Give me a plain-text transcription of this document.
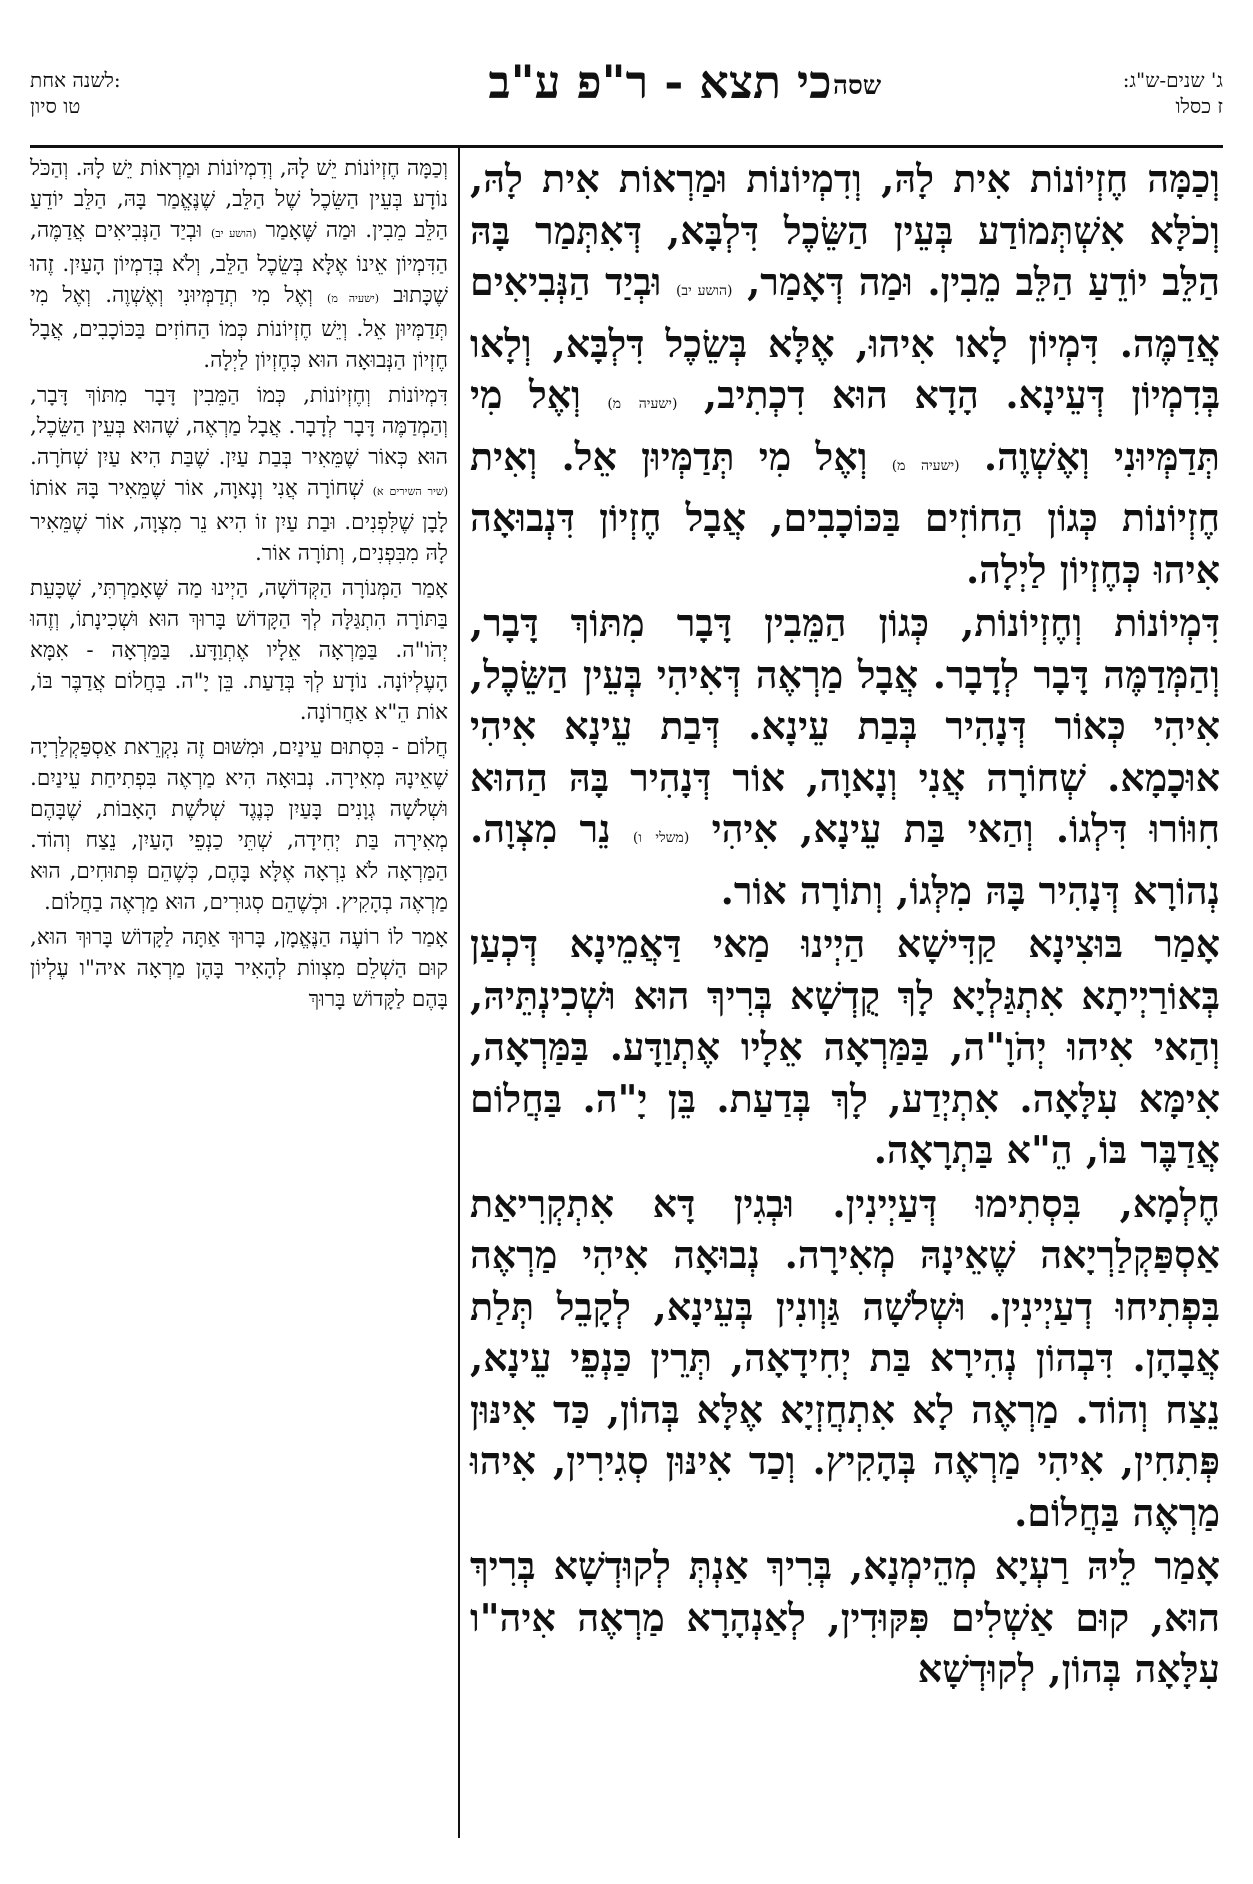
לשנה אחת:
טו סיון	כי תצא - ר"פ ע"ב	ג' שנים-ש"ג:
ז כסלו
שסה

וְכַמָּה חֶזְיוֹנוֹת אִית לָהּ, וְדִמְיוֹנוֹת וּמַרְאוֹת אִית לָהּ, וְכֹלָּא אִשְׁתְּמוֹדַע בְּעֵין הַשֵּׂכֶל דִּלְבָּא, דְּאִתְּמַר בָּהּ הַלֵּב יוֹדֵעַ הַלֵּב מֵבִין. וּמַה דְּאָמַר, (הושע יב) וּבְיַד הַנְּבִיאִים אֲדַמֶּה. דִּמְיוֹן לָאו אִיהוּ, אֶלָּא בְּשֵׂכֶל דִּלְבָּא, וְלָאו בְּדִמְיוֹן דְּעֵינָא. הָדָא הוּא דִכְתִיב, (ישעיה מ) וְאֶל מִי תְּדַמְּיוּנִי וְאֶשְׁוֶה. (ישעיה מ) וְאֶל מִי תְּדַמְּיוּן אֵל. וְאִית חֶזְיוֹנוֹת כְּגוֹן הַחוֹזִים בַּכּוֹכָבִים, אֲבָל חֶזְיוֹן דִּנְבוּאָה אִיהוּ כְּחֶזְיוֹן לַיְלָה.

דִּמְיוֹנוֹת וְחֶזְיוֹנוֹת, כְּגוֹן הַמֵּבִין דָּבָר מִתּוֹךְ דָּבָר, וְהַמְּדַמֶּה דָּבָר לְדָבָר. אֲבָל מַרְאֶה דְּאִיהִי בְּעֵין הַשֵּׂכֶל, אִיהִי כְּאוֹר דְּנָהִיר בְּבַת עֵינָא. דְּבַת עֵינָא אִיהִי אוּכָמָא. שְׁחוֹרָה אֲנִי וְנָאוָה, אוֹר דְּנָהִיר בָּהּ הַהוּא חִוּוֹרוּ דִּלְגוֹ. וְהַאי בַּת עֵינָא, אִיהִי (משלי ו) נֵר מִצְוָה. נְהוֹרָא דְּנָהִיר בָּהּ מִלְּגוֹ, וְתוֹרָה אוֹר.

אָמַר בּוּצִינָא קַדִּישָׁא הַיְינוּ מַאי דַּאֲמֵינָא דְּכְעַן בְּאוֹרַיְיתָא אִתְגַּלְיָא לָךְ קֻדְשָׁא בְּרִיךְ הוּא וּשְׁכִינְתֵּיהּ, וְהַאי אִיהוּ יְהֹוָ"ה, בַּמַּרְאָה אֵלָיו אֶתְוַדָּע. בַּמַּרְאָה, אִימָּא עִלָּאָה. אִתְיְדַע, לָךְ בְּדַעַת. בֵּן יָ"ה. בַּחֲלוֹם אֲדַבֶּר בּוֹ, הֵ"א בַּתְרָאָה.

חֶלְמָא, בִּסְתִימוּ דְּעַיְינִין. וּבְגִין דָּא אִתְקְרִיאַת אַסְפַּקְלַרְיָאה שֶׁאֵינָהּ מְאִירָה. נְבוּאָה אִיהִי מַרְאֶה בִּפְתִיחוּ דְעַיְינִין. וּשְׁלֹשָׁה גַּוְונִין בְּעֵינָא, לְקָבֵל תְּלַת אֲבָהָן. דִּבְהוֹן נְהִירָא בַּת יְחִידָאָה, תְּרֵין כַּנְפֵי עֵינָא, נֵצַח וְהוֹד. מַרְאֶה לָא אִתְחֲזְיָא אֶלָּא בְּהוֹן, כַּד אִינּוּן פְּתִחִין, אִיהִי מַרְאֶה בְּהָקִיץ. וְכַד אִינּוּן סְגִירִין, אִיהוּ מַרְאֶה בַּחֲלוֹם.

אָמַר לֵיהּ רַעְיָא מְהֵימְנָא, בְּרִיךְ אַנְתְּ לְקוּדְשָׁא בְּרִיךְ הוּא, קוּם אַשְׁלִים פִּקּוּדִין, לְאַנְהָרָא מַרְאֶה אִיה"ו עִלָּאָה בְּהוֹן, לְקוּדְשָׁא

וְכַמָּה חֶזְיוֹנוֹת יֵשׁ לָהּ, וְדִמְיוֹנוֹת וּמַרְאוֹת יֵשׁ לָהּ. וְהַכֹּל נוֹדָע בְּעֵין הַשֵּׂכֶל שֶׁל הַלֵּב, שֶׁנֶּאֱמַר בָּהּ, הַלֵּב יוֹדֵעַ הַלֵּב מֵבִין. וּמַה שֶּׁאָמַר (הושע יב) וּבְיַד הַנְּבִיאִים אֲדַמֶּה, הַדִּמְיוֹן אֵינוֹ אֶלָּא בְּשֵׂכֶל הַלֵּב, וְלֹא בְּדִמְיוֹן הָעַיִן. זֶהוּ שֶׁכָּתוּב (ישעיה מ) וְאֶל מִי תְדַמְּיוּנִי וְאֶשְׁוֶה. וְאֶל מִי תְּדַמְּיוּן אֵל. וְיֵשׁ חֶזְיוֹנוֹת כְּמוֹ הַחוֹזִים בַּכּוֹכָבִים, אֲבָל חֶזְיוֹן הַנְּבוּאָה הוּא כְּחֶזְיוֹן לַיְלָה.

דִּמְיוֹנוֹת וְחֶזְיוֹנוֹת, כְּמוֹ הַמֵּבִין דָּבָר מִתּוֹךְ דָּבָר, וְהַמְדַמֶּה דָּבָר לְדָבָר. אֲבָל מַרְאֶה, שֶׁהוּא בְּעֵין הַשֵּׂכֶל, הוּא כְּאוֹר שֶׁמֵּאִיר בְּבַת עַיִן. שֶׁבַּת הִיא עַיִן שְׁחֹרָה. (שיר השירים א) שְׁחוֹרָה אֲנִי וְנָאוָה, אוֹר שֶׁמֵּאִיר בָּהּ אוֹתוֹ לָבָן שֶׁלִּפְנִים. וּבַת עַיִן זוֹ הִיא נֵר מִצְוָה, אוֹר שֶׁמֵּאִיר לָהּ מִבִּפְנִים, וְתוֹרָה אוֹר.

אָמַר הַמְּנוֹרָה הַקְּדוֹשָׁה, הַיְינוּ מַה שֶּׁאָמַרְתִּי, שֶׁכָּעֵת בַּתּוֹרָה הִתְגַּלָּה לְךָ הַקָּדוֹשׁ בָּרוּךְ הוּא וּשְׁכִינָתוֹ, וְזֶהוּ יְהֹו"ה. בַּמַּרְאָה אֵלָיו אֶתְוַדָּע. בַּמַּרְאָה - אִמָּא הָעֶלְיוֹנָה. נוֹדָע לְךָ בְּדַעַת. בֵּן יָ"ה. בַּחֲלוֹם אֲדַבֶּר בּוֹ, אוֹת הֵ"א אַחֲרוֹנָה.

חֲלוֹם - בִּסְתוּם עֵינַיִם, וּמִשּׁוּם זֶה נִקְרֵאת אַסְפַּקְלַרְיָה שֶׁאֵינָהּ מְאִירָה. נְבוּאָה הִיא מַרְאֶה בִּפְתִיחַת עֵינַיִם. וּשְׁלֹשָׁה גְוָנִים בָּעַיִן כְּנֶגֶד שְׁלֹשֶׁת הָאָבוֹת, שֶׁבָּהֶם מְאִירָה בַּת יְחִידָה, שְׁתֵּי כַנְפֵי הָעַיִן, נֵצַח וְהוֹד. הַמַּרְאָה לֹא נִרְאָה אֶלָּא בָּהֶם, כְּשֶׁהֵם פְּתוּחִים, הוּא מַרְאֶה בְהָקִיץ. וּכְשֶׁהֵם סְגוּרִים, הוּא מַרְאֶה בַחֲלוֹם.

אָמַר לוֹ רוֹעֶה הַנֶּאֱמָן, בָּרוּךְ אַתָּה לַקָּדוֹשׁ בָּרוּךְ הוּא, קוּם הַשְׁלֵם מִצְווֹת לְהָאִיר בָּהֶן מַרְאָה איה"ו עֶלְיוֹן בָּהֶם לַקָּדוֹשׁ בָּרוּךְ
